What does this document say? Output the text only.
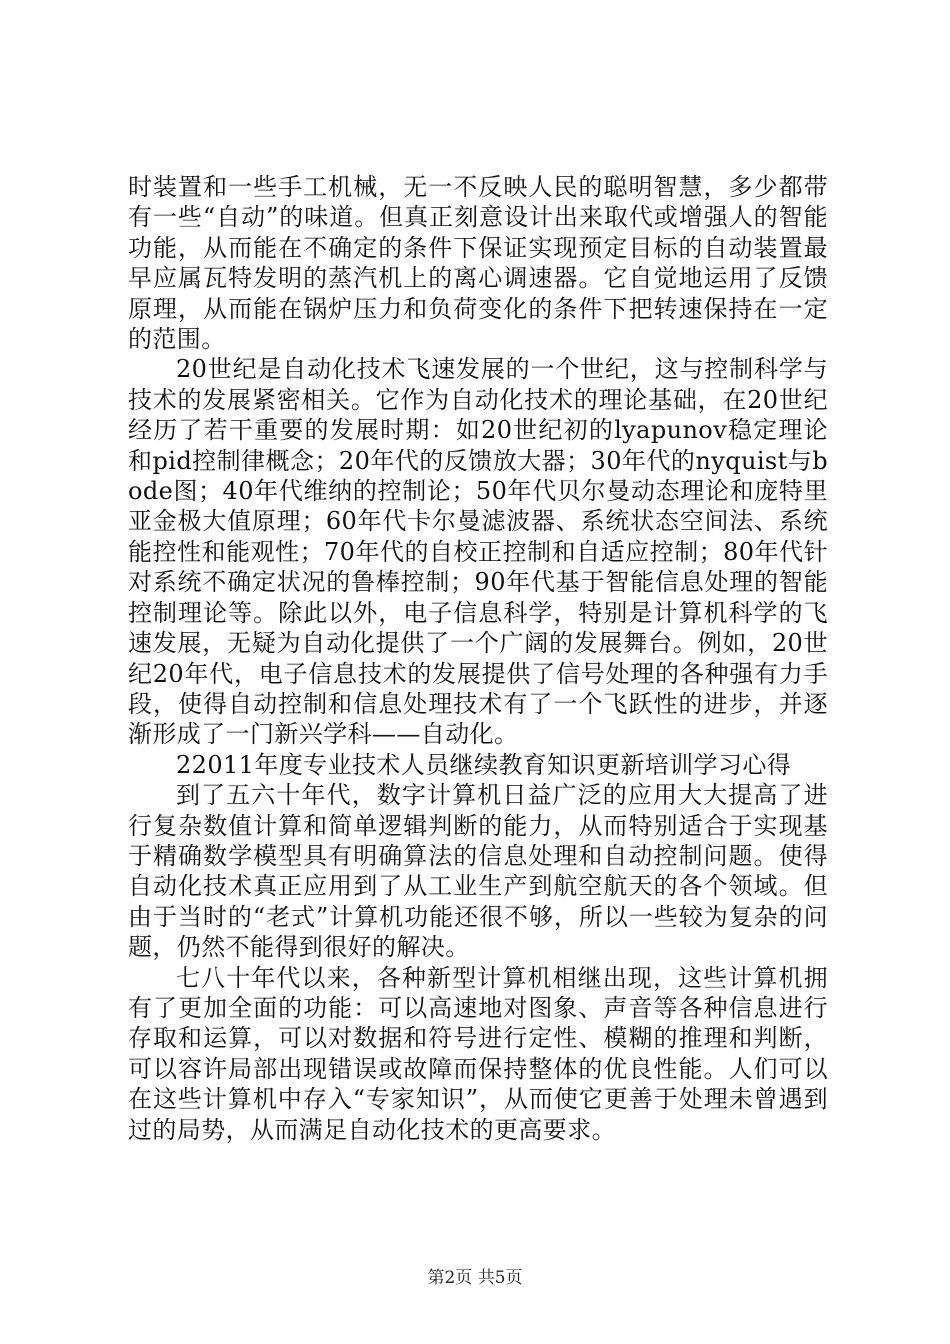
时装置和一些手工机械，无一不反映人民的聪明智慧，多少都带有一些“自动”的味道。但真正刻意设计出来取代或增强人的智能功能，从而能在不确定的条件下保证实现预定目标的自动装置最早应属瓦特发明的蒸汽机上的离心调速器。它自觉地运用了反馈原理，从而能在锅炉压力和负荷变化的条件下把转速保持在一定的范围。

20世纪是自动化技术飞速发展的一个世纪，这与控制科学与技术的发展紧密相关。它作为自动化技术的理论基础，在20世纪经历了若干重要的发展时期：如20世纪初的lyapunov稳定理论和pid控制律概念；20年代的反馈放大器；30年代的nyquist与bode图；40年代维纳的控制论；50年代贝尔曼动态理论和庞特里亚金极大值原理；60年代卡尔曼滤波器、系统状态空间法、系统能控性和能观性；70年代的自校正控制和自适应控制；80年代针对系统不确定状况的鲁棒控制；90年代基于智能信息处理的智能控制理论等。除此以外，电子信息科学，特别是计算机科学的飞速发展，无疑为自动化提供了一个广阔的发展舞台。例如，20世纪20年代，电子信息技术的发展提供了信号处理的各种强有力手段，使得自动控制和信息处理技术有了一个飞跃性的进步，并逐渐形成了一门新兴学科——自动化。

22011年度专业技术人员继续教育知识更新培训学习心得

到了五六十年代，数字计算机日益广泛的应用大大提高了进行复杂数值计算和简单逻辑判断的能力，从而特别适合于实现基于精确数学模型具有明确算法的信息处理和自动控制问题。使得自动化技术真正应用到了从工业生产到航空航天的各个领域。但由于当时的“老式”计算机功能还很不够，所以一些较为复杂的问题，仍然不能得到很好的解决。

七八十年代以来，各种新型计算机相继出现，这些计算机拥有了更加全面的功能：可以高速地对图象、声音等各种信息进行存取和运算，可以对数据和符号进行定性、模糊的推理和判断，可以容许局部出现错误或故障而保持整体的优良性能。人们可以在这些计算机中存入“专家知识”，从而使它更善于处理未曾遇到过的局势，从而满足自动化技术的更高要求。

第2页 共5页
